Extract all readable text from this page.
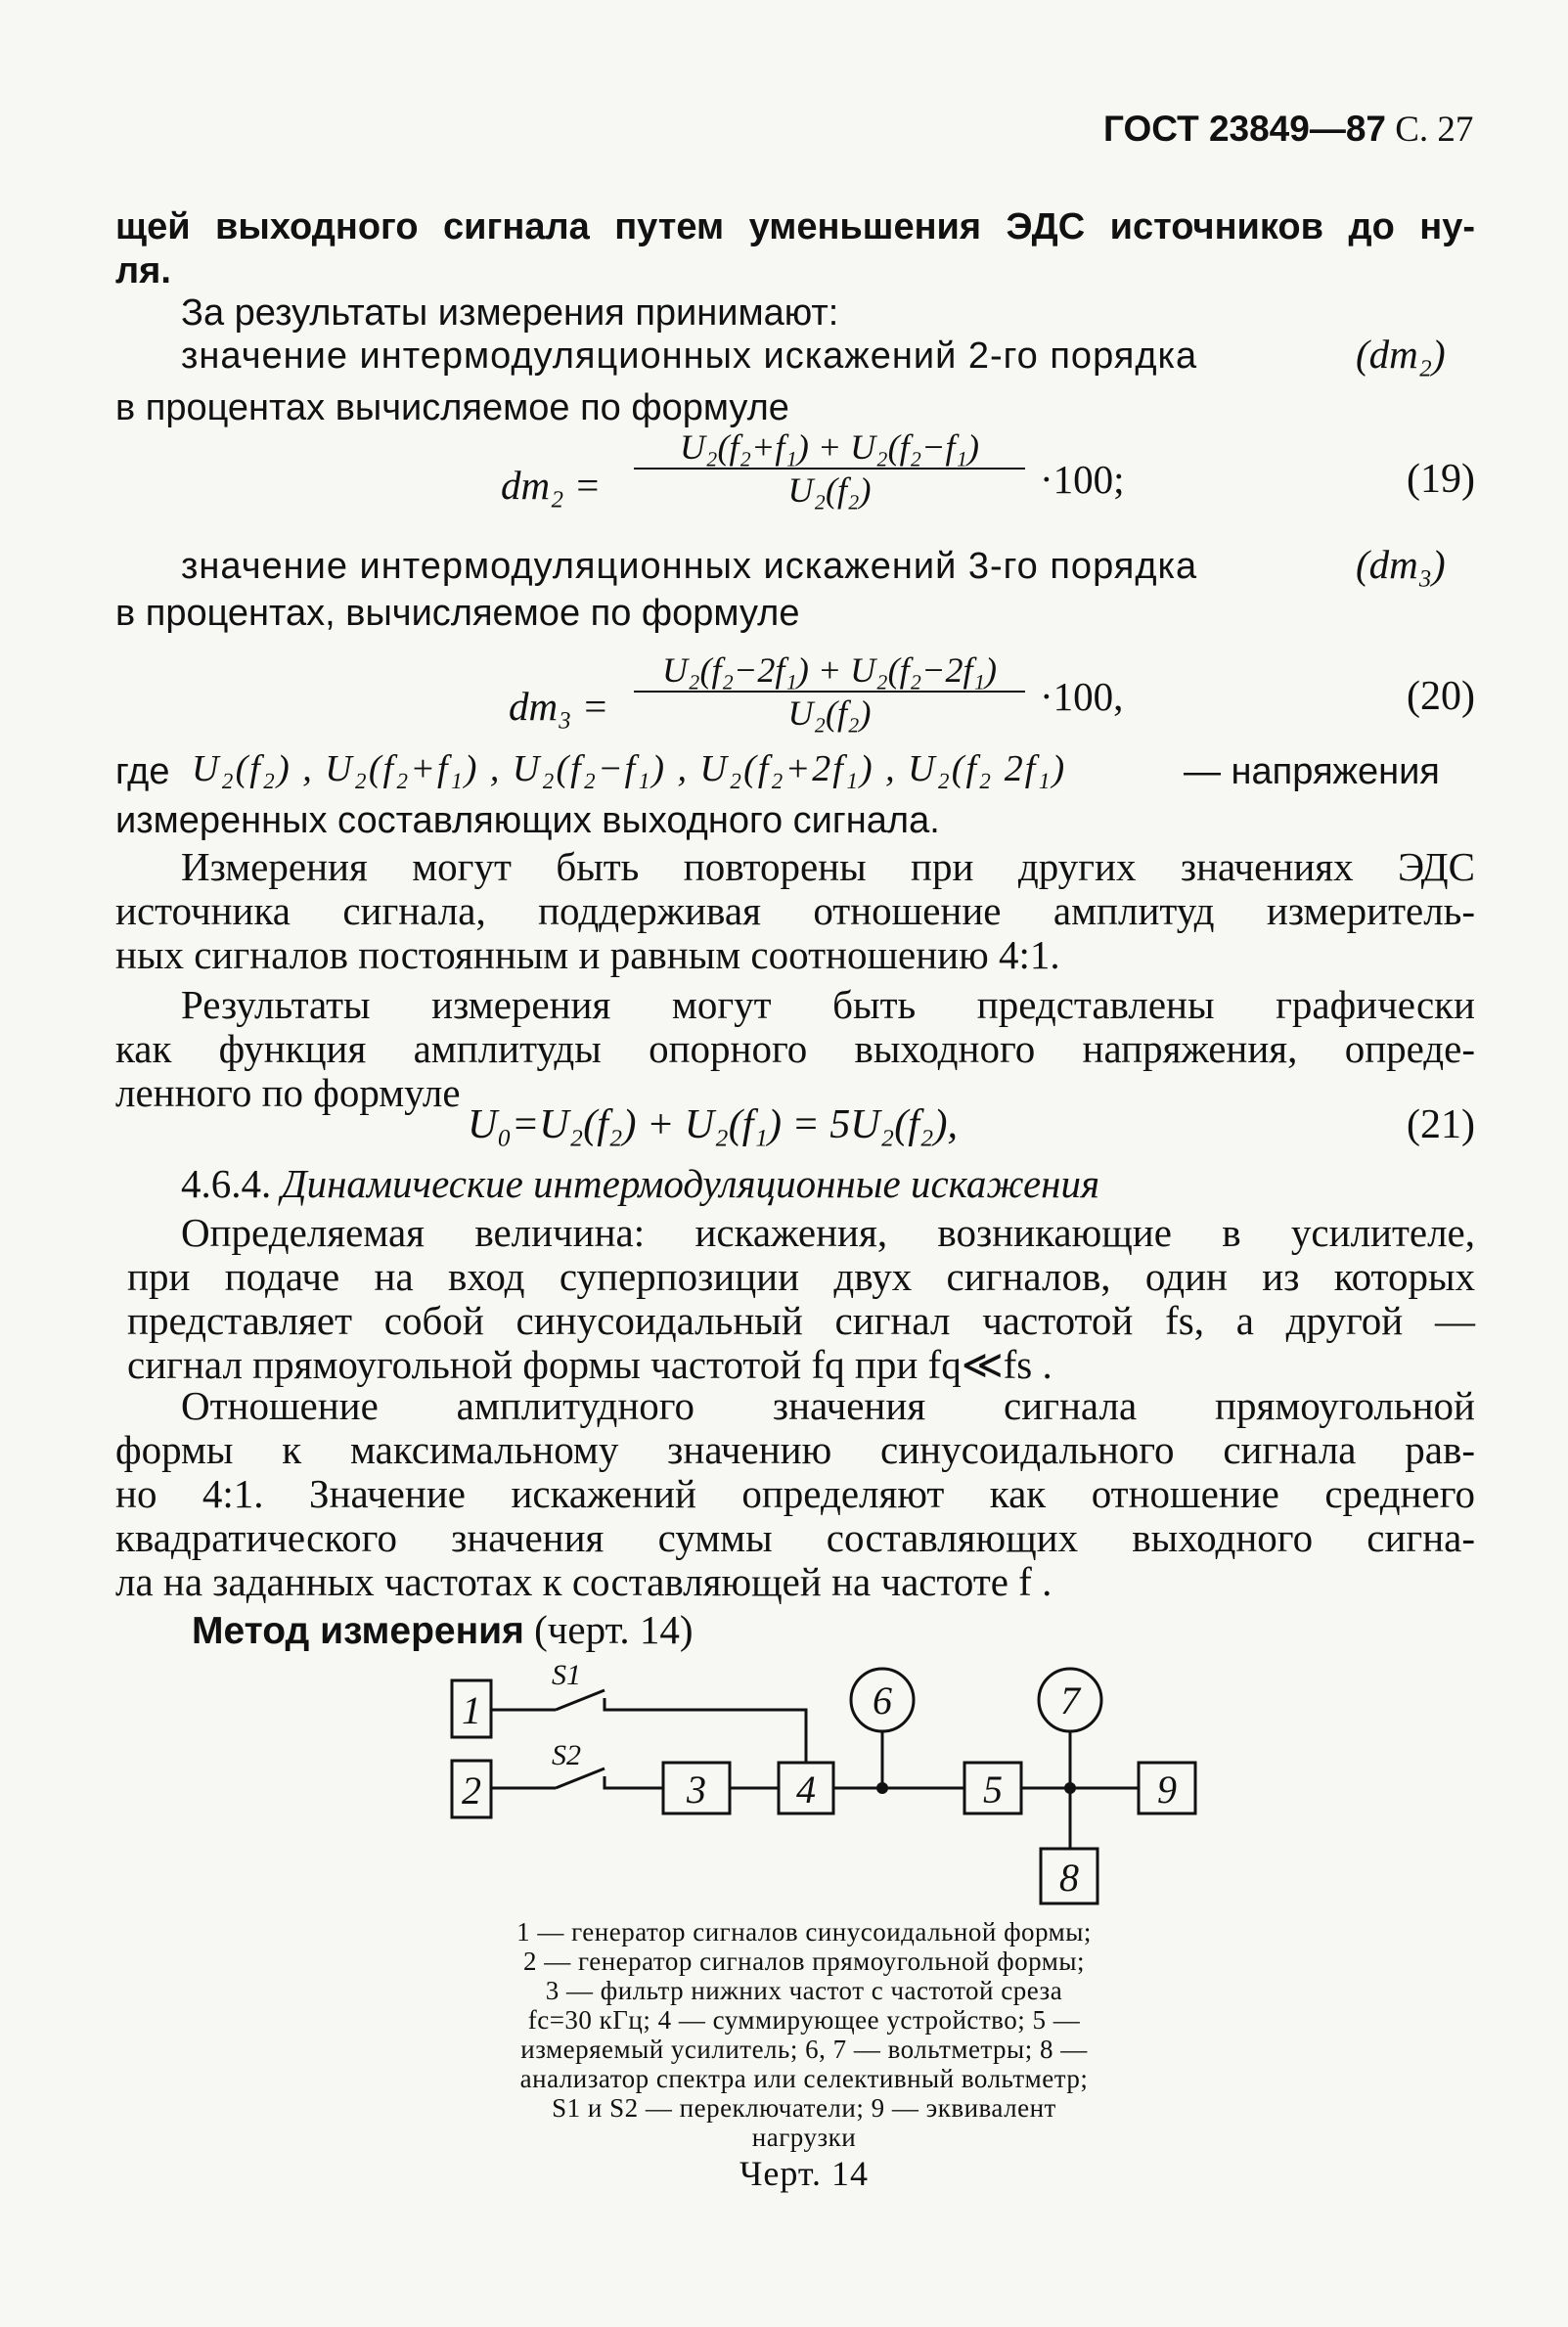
ГОСТ 23849—87 С. 27
щей выходного сигнала путем уменьшения ЭДС источников до ну-
ля.
За результаты измерения принимают:
значение интермодуляционных искажений 2-го порядка	(dm₂)
в процентах вычисляемое по формуле
$dm_2 = \frac{\text{U₂(f₂+f₁) + U₂(f₂−f₁)}}{\text{U₂(f₂)}} \cdot 100$;	(19)
значение интермодуляционных искажений 3-го порядка	(dm₃)
в процентах, вычисляемое по формуле
$dm_3 = \frac{\text{U₂(f₂−2f₁) + U₂(f₂−2f₁)}}{\text{U₂(f₂)}} \cdot 100$,	(20)
где U₂(f₂) , U₂(f₂+f₁) , U₂(f₂−f₁) , U₂(f₂+2f₁) , U₂(f₂ 2f₁)	— напряжения
измеренных составляющих выходного сигнала.
Измерения могут быть повторены при других значениях ЭДС
источника сигнала, поддерживая отношение амплитуд измеритель-
ных сигналов постоянным и равным соотношению 4:1.
Результаты измерения могут быть представлены графически
как функция амплитуды опорного выходного напряжения, опреде-
ленного по формуле
U₀=U₂(f₂) + U₂(f₁) = 5U₂(f₂),	(21)
4.6.4. Динамические интермодуляционные искажения
Определяемая величина: искажения, возникающие в усилителе,
при подаче на вход суперпозиции двух сигналов, один из которых
представляет собой синусоидальный сигнал частотой fs, а другой —
сигнал прямоугольной формы частотой fq при fq≪fs .
Отношение амплитудного значения сигнала прямоугольной
формы к максимальному значению синусоидального сигнала рав-
но 4:1. Значение искажений определяют как отношение среднего
квадратического значения суммы составляющих выходного сигна-
ла на заданных частотах к составляющей на частоте f .
Метод измерения (черт. 14)
1
2	3 4	5	9
8
6	7
S1
S2
1 — генератор сигналов синусоидальной формы;
2 — генератор сигналов прямоугольной формы;
3 — фильтр нижних частот с частотой среза
fc=30 кГц; 4 — суммирующее устройство; 5 —
измеряемый усилитель; 6, 7 — вольтметры; 8 —
анализатор спектра или селективный вольтметр;
S1 и S2 — переключатели; 9 — эквивалент
нагрузки
Черт. 14
